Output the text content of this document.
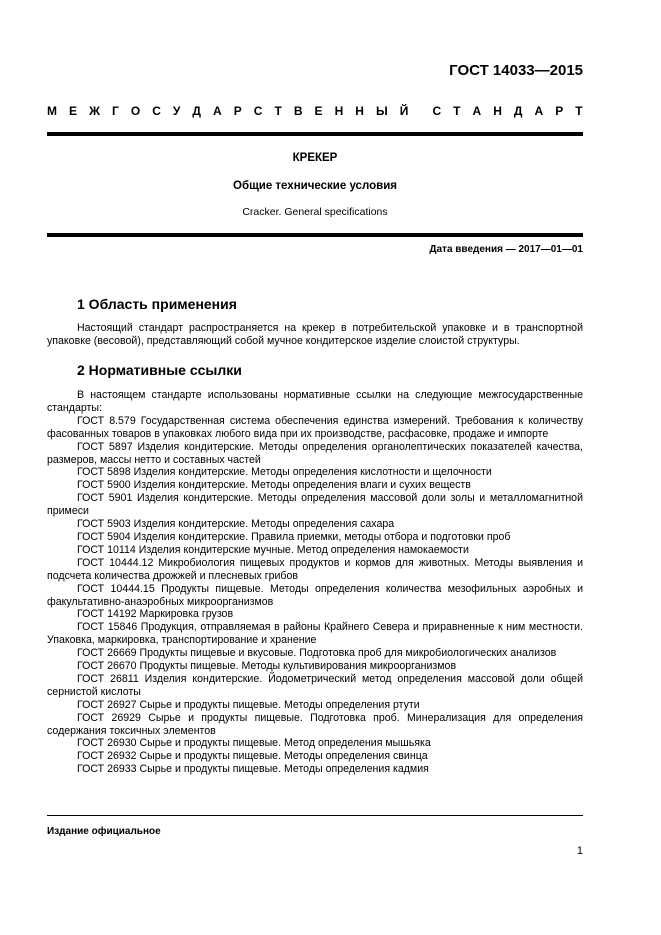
ГОСТ 14033—2015
М Е Ж Г О С У Д А Р С Т В Е Н Н Ы Й С Т А Н Д А Р Т
КРЕКЕР
Общие технические условия
Cracker. General specifications
Дата введения — 2017—01—01
1 Область применения
Настоящий стандарт распространяется на крекер в потребительской упаковке и в транспортной упаковке (весовой), представляющий собой мучное кондитерское изделие слоистой структуры.
2 Нормативные ссылки

В настоящем стандарте использованы нормативные ссылки на следующие межгосударственные стандарты:

ГОСТ 8.579 Государственная система обеспечения единства измерений. Требования к количеству фасованных товаров в упаковках любого вида при их производстве, расфасовке, продаже и импорте

ГОСТ 5897 Изделия кондитерские. Методы определения органолептических показателей качества, размеров, массы нетто и составных частей

ГОСТ 5898 Изделия кондитерские. Методы определения кислотности и щелочности

ГОСТ 5900 Изделия кондитерские. Методы определения влаги и сухих веществ

ГОСТ 5901 Изделия кондитерские. Методы определения массовой доли золы и металломагнитной примеси

ГОСТ 5903 Изделия кондитерские. Методы определения сахара

ГОСТ 5904 Изделия кондитерские. Правила приемки, методы отбора и подготовки проб

ГОСТ 10114 Изделия кондитерские мучные. Метод определения намокаемости

ГОСТ 10444.12 Микробиология пищевых продуктов и кормов для животных. Методы выявления и подсчета количества дрожжей и плесневых грибов

ГОСТ 10444.15 Продукты пищевые. Методы определения количества мезофильных аэробных и факультативно-анаэробных микроорганизмов

ГОСТ 14192 Маркировка грузов

ГОСТ 15846 Продукция, отправляемая в районы Крайнего Севера и приравненные к ним местности. Упаковка, маркировка, транспортирование и хранение

ГОСТ 26669 Продукты пищевые и вкусовые. Подготовка проб для микробиологических анализов

ГОСТ 26670 Продукты пищевые. Методы культивирования микроорганизмов

ГОСТ 26811 Изделия кондитерские. Йодометрический метод определения массовой доли общей сернистой кислоты

ГОСТ 26927 Сырье и продукты пищевые. Методы определения ртути

ГОСТ 26929 Сырье и продукты пищевые. Подготовка проб. Минерализация для определения содержания токсичных элементов

ГОСТ 26930 Сырье и продукты пищевые. Метод определения мышьяка

ГОСТ 26932 Сырье и продукты пищевые. Методы определения свинца

ГОСТ 26933 Сырье и продукты пищевые. Методы определения кадмия

Издание официальное
1
